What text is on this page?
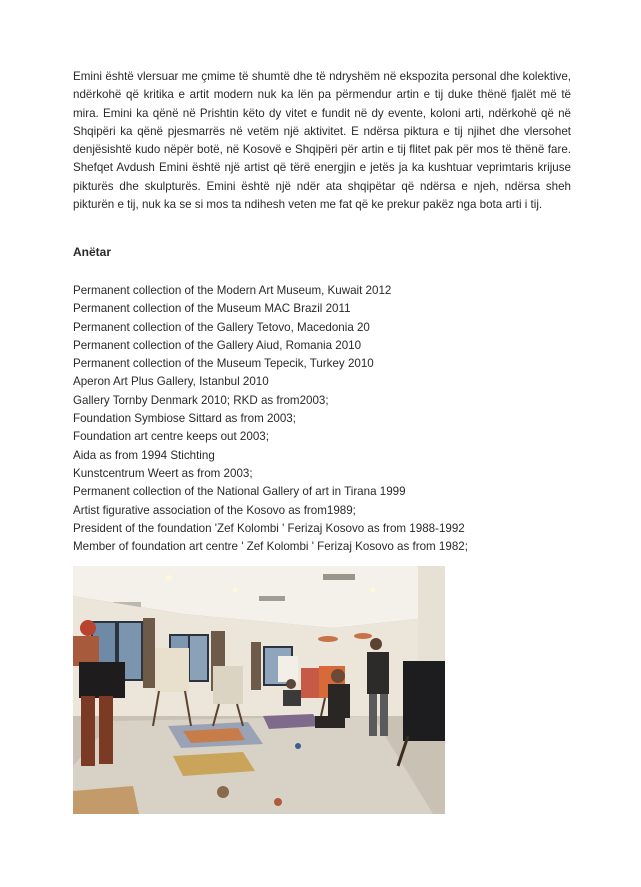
Emini është vlersuar me çmime të shumtë dhe të ndryshëm në ekspozita personal dhe kolektive, ndërkohë që kritika e artit modern nuk ka lën pa përmendur artin e tij duke thënë fjalët më të mira. Emini ka qënë në Prishtin këto dy vitet e fundit në dy evente, koloni arti, ndërkohë që në Shqipëri ka qënë pjesmarrës në vetëm një aktivitet. E ndërsa piktura e tij njihet dhe vlersohet denjësishtë kudo nëpër botë, në Kosovë e Shqipëri për artin e tij flitet pak për mos të thënë fare. Shefqet Avdush Emini është një artist që tërë energjin e jetës ja ka kushtuar veprimtaris krijuse pikturës dhe skulpturës. Emini është një ndër ata shqipëtar që ndërsa e njeh, ndërsa sheh pikturën e tij, nuk ka se si mos ta ndihesh veten me fat që ke prekur pakëz nga bota arti i tij.

Anëtar

Permanent collection of the Modern Art Museum, Kuwait 2012
Permanent collection of the Museum MAC Brazil 2011
Permanent collection of the Gallery Tetovo, Macedonia 20
Permanent collection of the Gallery Aiud, Romania 2010
Permanent collection of the Museum Tepecik, Turkey 2010
Aperon Art Plus Gallery, Istanbul 2010
Gallery Tornby Denmark 2010; RKD as from2003;
Foundation Symbiose Sittard as from 2003;
Foundation art centre keeps out 2003;
Aida as from 1994 Stichting
Kunstcentrum Weert as from 2003;
Permanent collection of the National Gallery of art in Tirana 1999
Artist figurative association of the Kosovo as from1989;
President of the foundation 'Zef Kolombi ' Ferizaj Kosovo as from 1988-1992
Member of foundation art centre ' Zef Kolombi ' Ferizaj Kosovo as from 1982;
